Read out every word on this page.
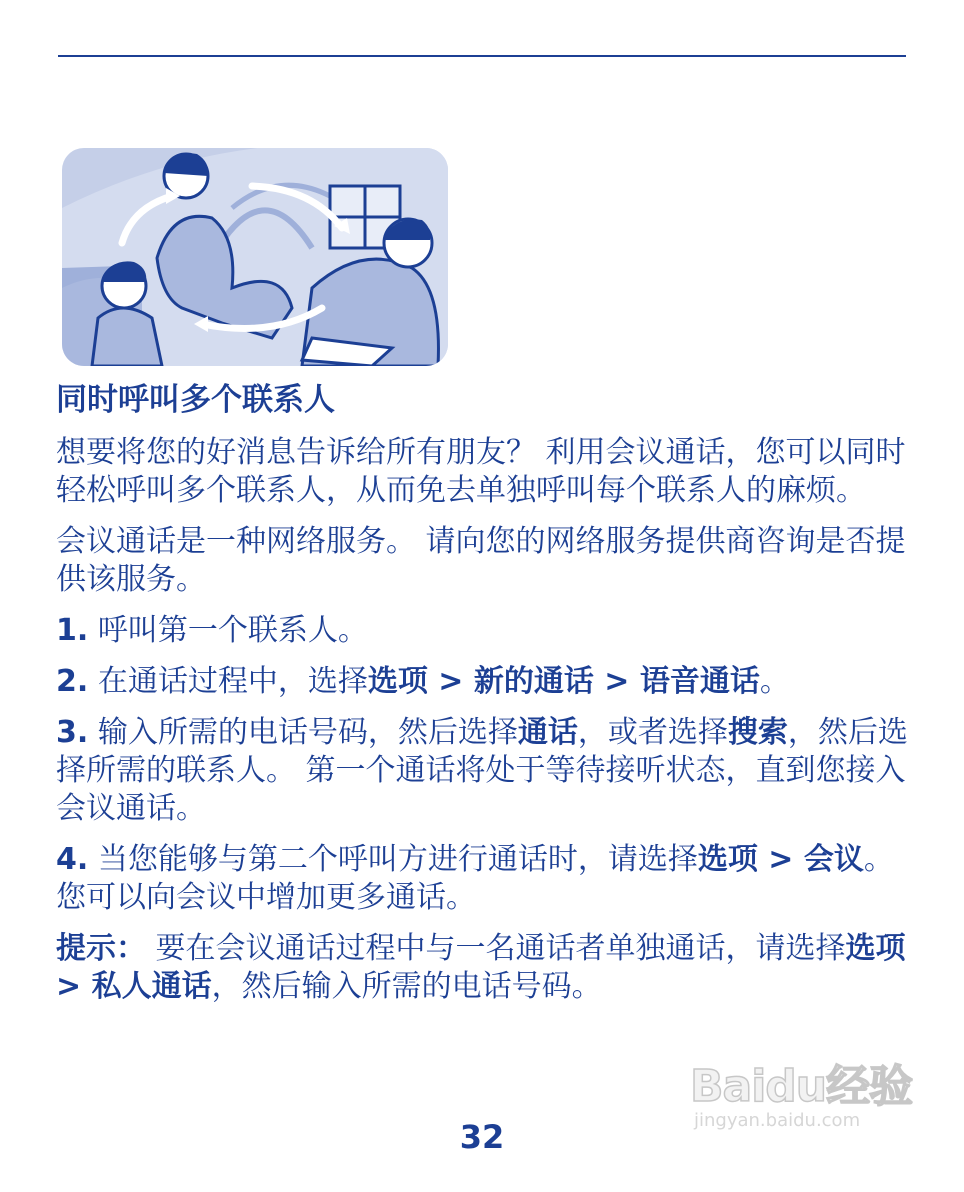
同时呼叫多个联系人

想要将您的好消息告诉给所有朋友？ 利用会议通话，您可以同时轻松呼叫多个联系人，从而免去单独呼叫每个联系人的麻烦。

会议通话是一种网络服务。 请向您的网络服务提供商咨询是否提供该服务。

1. 呼叫第一个联系人。

2. 在通话过程中，选择选项 > 新的通话 > 语音通话。

3. 输入所需的电话号码，然后选择通话，或者选择搜索，然后选择所需的联系人。 第一个通话将处于等待接听状态，直到您接入会议通话。

4. 当您能够与第二个呼叫方进行通话时，请选择选项 > 会议。 您可以向会议中增加更多通话。

提示： 要在会议通话过程中与一名通话者单独通话，请选择选项 > 私人通话，然后输入所需的电话号码。

Baidu经验
jingyan.baidu.com
32
